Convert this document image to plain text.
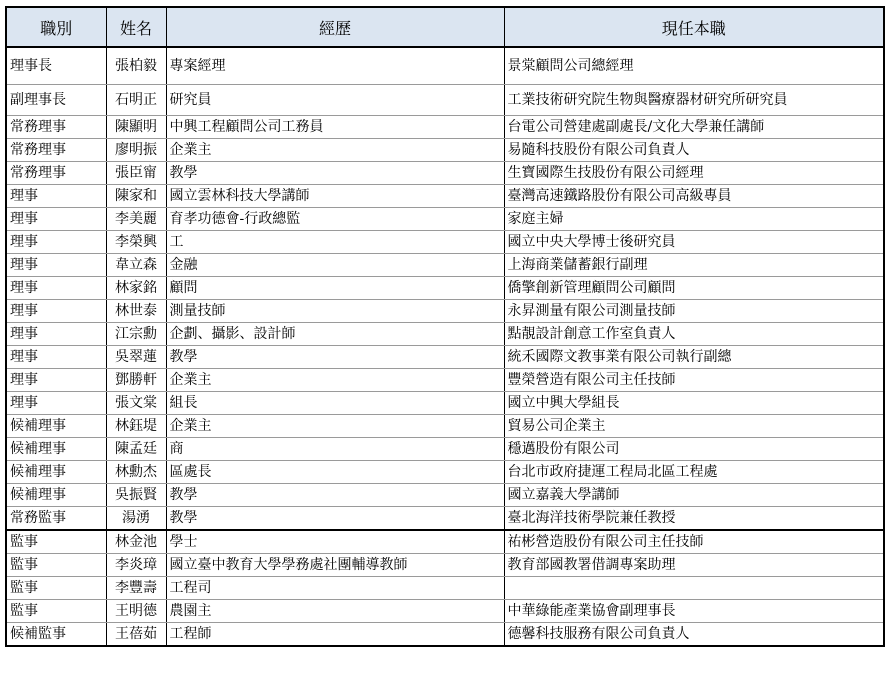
職別	姓名	經歷	現任本職
理事長	張柏毅	專案經理	景棠顧問公司總經理
副理事長	石明正	研究員	工業技術研究院生物與醫療器材研究所研究員
常務理事	陳顯明	中興工程顧問公司工務員	台電公司營建處副處長/文化大學兼任講師
常務理事	廖明振	企業主	易隨科技股份有限公司負責人
常務理事	張臣甯	教學	生寶國際生技股份有限公司經理
理事	陳家和	國立雲林科技大學講師	臺灣高速鐵路股份有限公司高級專員
理事	李美麗	育孝功德會-行政總監	家庭主婦
理事	李榮興	工	國立中央大學博士後研究員
理事	韋立森	金融	上海商業儲蓄銀行副理
理事	林家銘	顧問	僑擎創新管理顧問公司顧問
理事	林世泰	測量技師	永昇測量有限公司測量技師
理事	江宗勳	企劃、攝影、設計師	點靚設計創意工作室負責人
理事	吳翠蓮	教學	統禾國際文教事業有限公司執行副總
理事	鄧勝軒	企業主	豐榮營造有限公司主任技師
理事	張文棠	組長	國立中興大學組長
候補理事	林鈺堤	企業主	貿易公司企業主
候補理事	陳孟廷	商	穩邁股份有限公司
候補理事	林勳杰	區處長	台北市政府捷運工程局北區工程處
候補理事	吳振賢	教學	國立嘉義大學講師
常務監事	湯湧	教學	臺北海洋技術學院兼任教授
監事	林金池	學士	祐彬營造股份有限公司主任技師
監事	李炎璋	國立臺中教育大學學務處社團輔導教師	教育部國教署借調專案助理
監事	李豐壽	工程司	
監事	王明德	農園主	中華綠能產業協會副理事長
候補監事	王蓓茹	工程師	德馨科技服務有限公司負責人
